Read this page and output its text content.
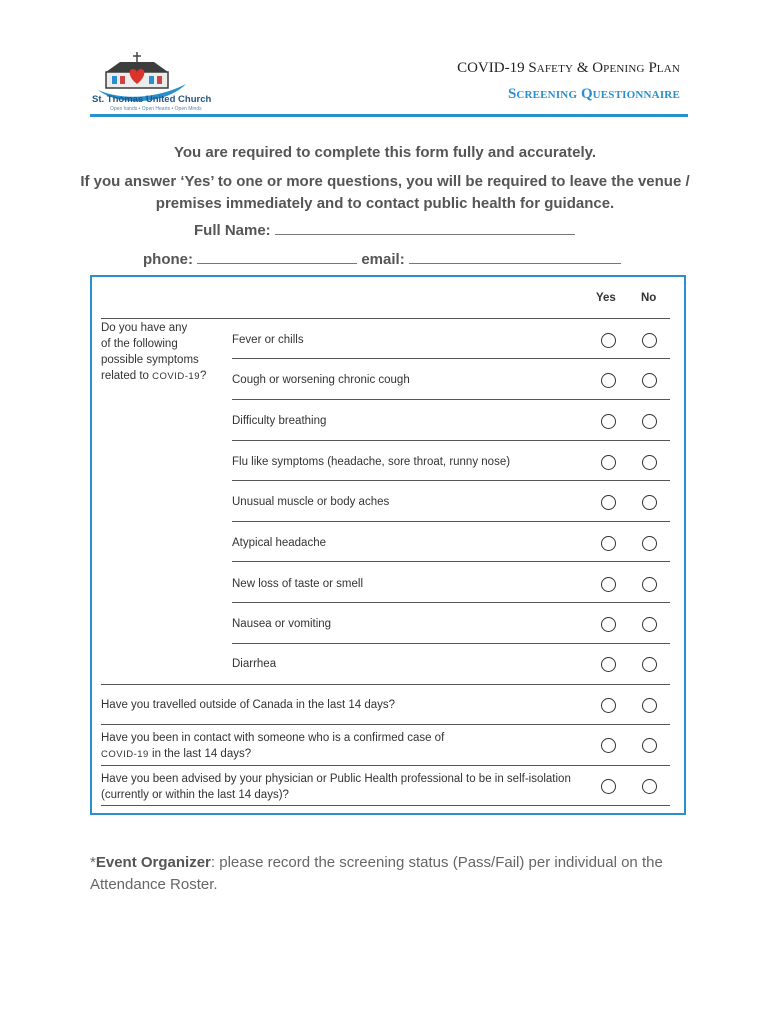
St. Thomas United Church
Open hands • Open Hearts • Open Minds
COVID-19 SAFETY & OPENING PLAN
SCREENING QUESTIONNAIRE
You are required to complete this form fully and accurately.
If you answer ‘Yes’ to one or more questions, you will be required to leave the venue / premises immediately and to contact public health for guidance.
Full Name:
phone:	email:
Yes No
Do you have any
of the following
possible symptoms
related to COVID-19?
Fever or chills
Cough or worsening chronic cough
Difficulty breathing
Flu like symptoms (headache, sore throat, runny nose)
Unusual muscle or body aches
Atypical headache
New loss of taste or smell
Nausea or vomiting
Diarrhea
Have you travelled outside of Canada in the last 14 days?
Have you been in contact with someone who is a confirmed case of
COVID-19 in the last 14 days?
Have you been advised by your physician or Public Health professional to be in self-isolation
(currently or within the last 14 days)?
*Event Organizer: please record the screening status (Pass/Fail) per individual on the Attendance Roster.
